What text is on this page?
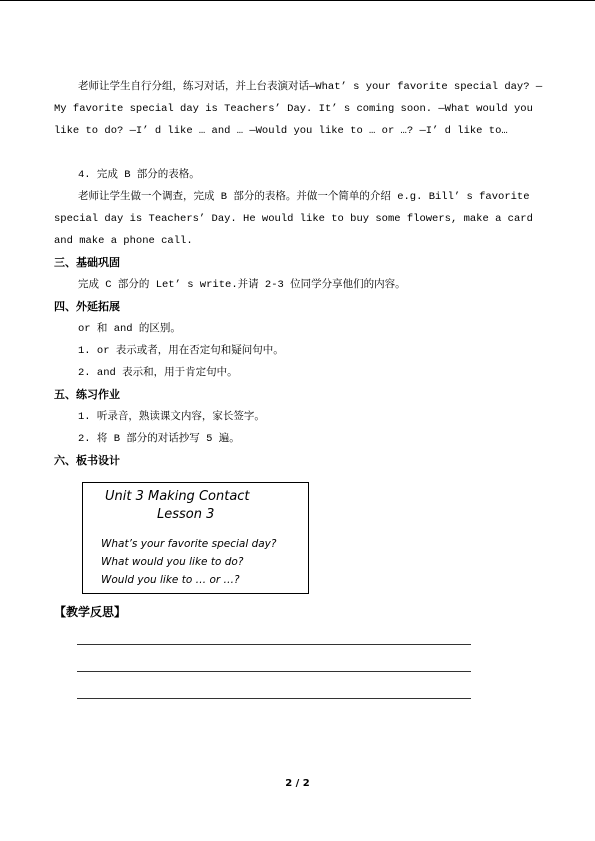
老师让学生自行分组，练习对话，并上台表演对话—What’ s your favorite special day? —My favorite special day is Teachers’ Day. It’ s coming soon. —What would you like to do? —I’ d like … and … —Would you like to … or …? —I’ d like to…

4. 完成 B 部分的表格。

老师让学生做一个调查，完成 B 部分的表格。并做一个简单的介绍 e.g. Bill’ s favorite special day is Teachers’ Day. He would like to buy some flowers, make a card and make a phone call.

三、基础巩固
完成 C 部分的 Let’ s write.并请 2-3 位同学分享他们的内容。
四、外延拓展
or 和 and 的区别。
1. or 表示或者，用在否定句和疑问句中。
2. and 表示和，用于肯定句中。
五、练习作业
1. 听录音，熟读课文内容，家长签字。
2. 将 B 部分的对话抄写 5 遍。
六、板书设计
Unit 3 Making Contact
Lesson 3
What’s your favorite special day?
What would you like to do?
Would you like to … or …?
【教学反思】
2 / 2
